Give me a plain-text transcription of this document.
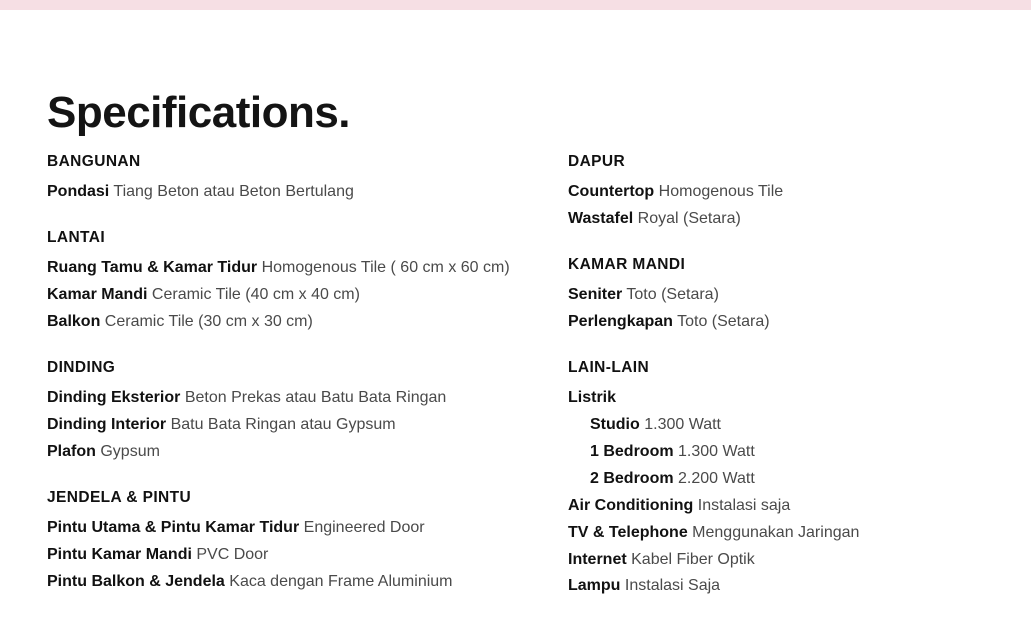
Specifications.
BANGUNAN
Pondasi Tiang Beton atau Beton Bertulang
LANTAI
Ruang Tamu & Kamar Tidur Homogenous Tile ( 60 cm x 60 cm)
Kamar Mandi Ceramic Tile (40 cm x 40 cm)
Balkon Ceramic Tile (30 cm x 30 cm)
DINDING
Dinding Eksterior Beton Prekas atau Batu Bata Ringan
Dinding Interior Batu Bata Ringan atau Gypsum
Plafon Gypsum
JENDELA & PINTU
Pintu Utama & Pintu Kamar Tidur Engineered Door
Pintu Kamar Mandi PVC Door
Pintu Balkon & Jendela Kaca dengan Frame Aluminium
DAPUR
Countertop Homogenous Tile
Wastafel Royal (Setara)
KAMAR MANDI
Seniter Toto (Setara)
Perlengkapan Toto (Setara)
LAIN-LAIN
Listrik
Studio 1.300 Watt
1 Bedroom 1.300 Watt
2 Bedroom 2.200 Watt
Air Conditioning Instalasi saja
TV & Telephone Menggunakan Jaringan
Internet Kabel Fiber Optik
Lampu Instalasi Saja
